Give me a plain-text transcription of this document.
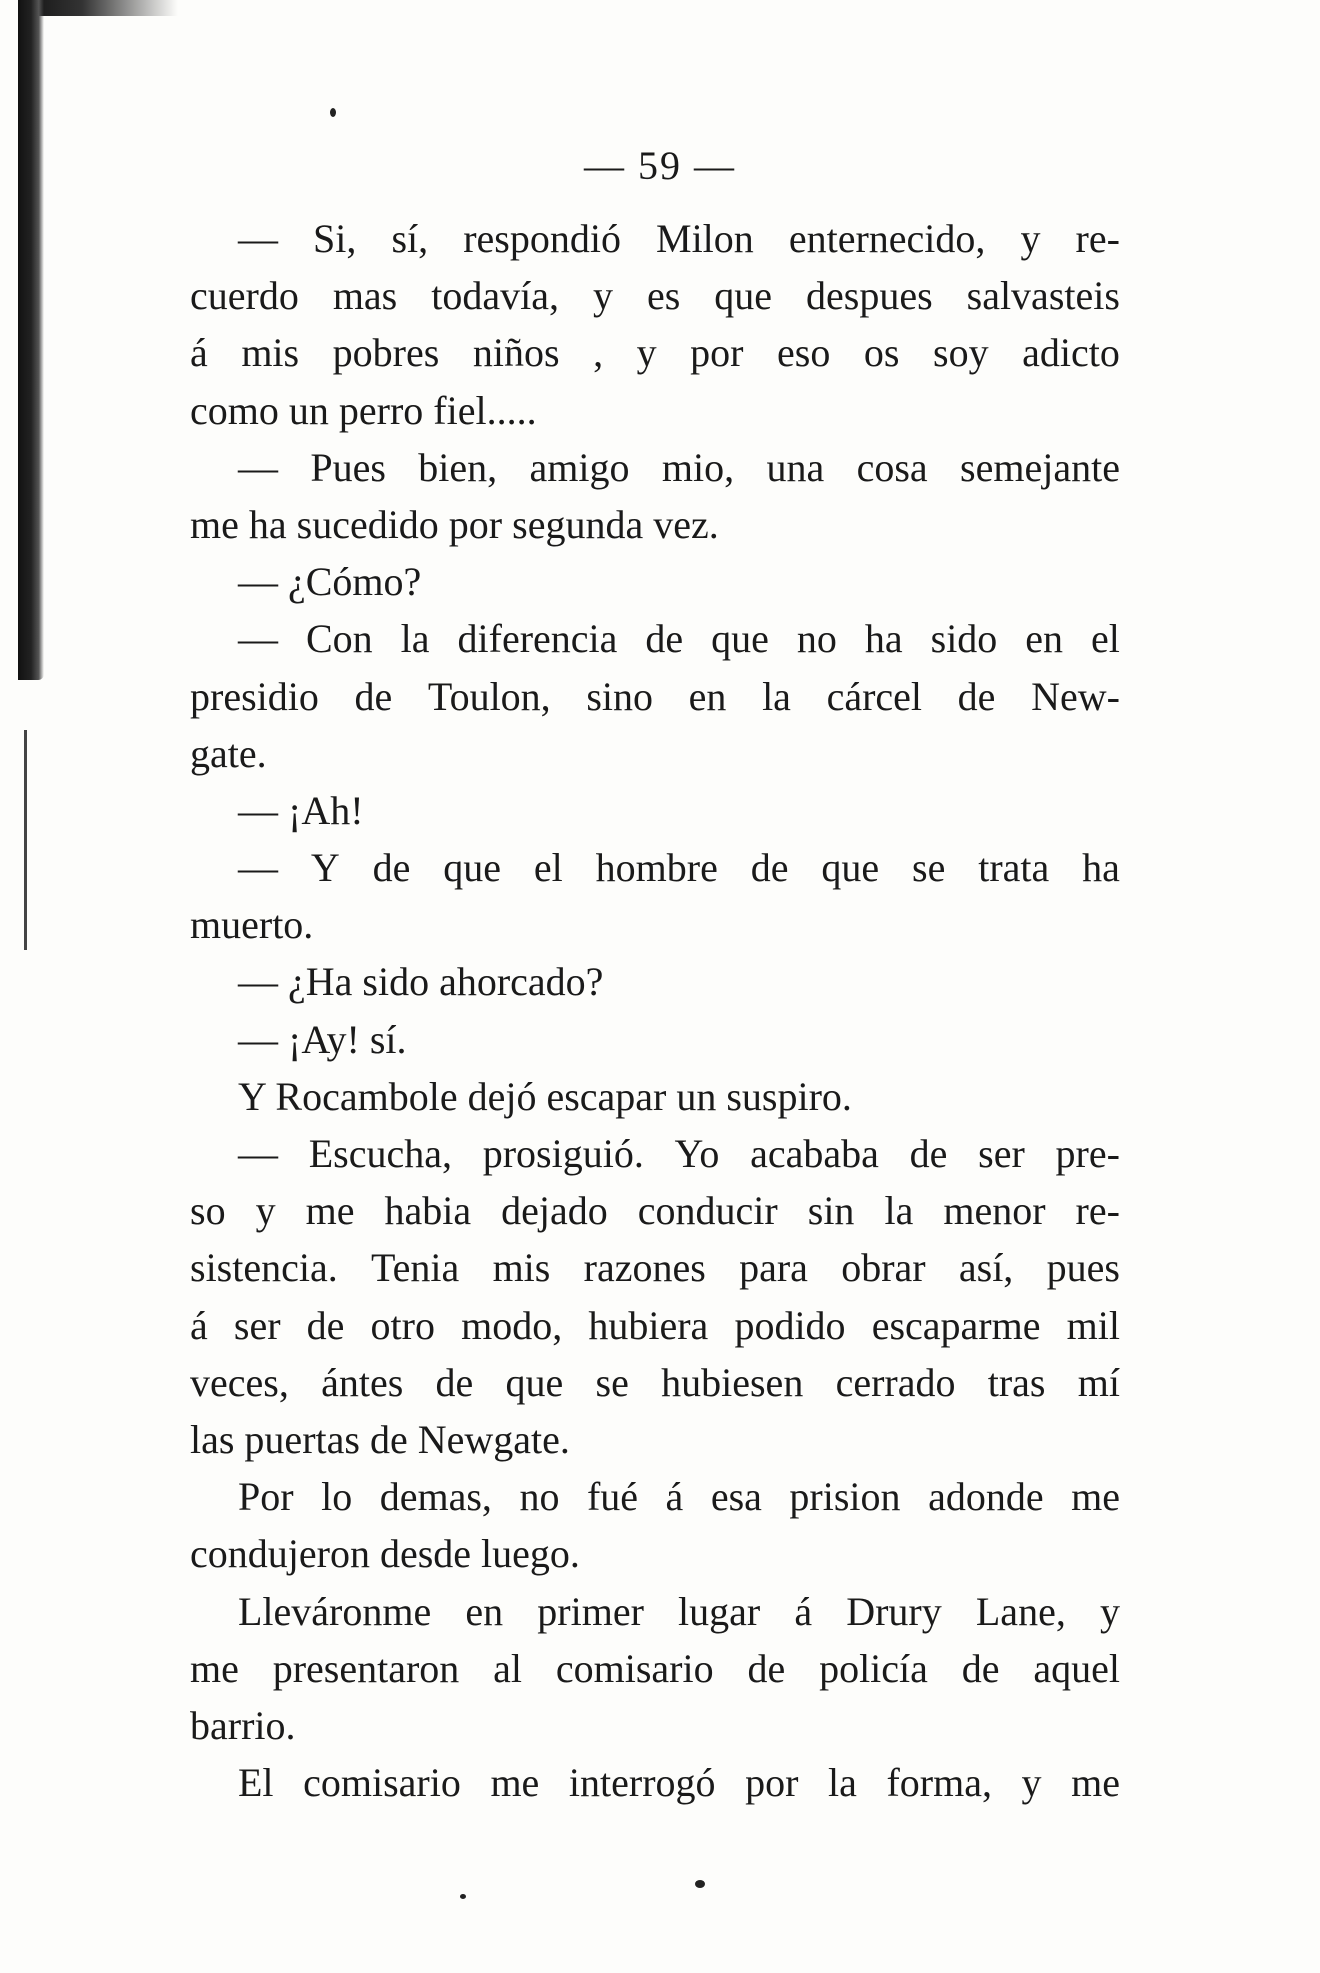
— 59 —
— Si, sí, respondió Milon enternecido, y re-
cuerdo mas todavía, y es que despues salvasteis
á mis pobres niños , y por eso os soy adicto
como un perro fiel.....
— Pues bien, amigo mio, una cosa semejante
me ha sucedido por segunda vez.
— ¿Cómo?
— Con la diferencia de que no ha sido en el
presidio de Toulon, sino en la cárcel de New-
gate.
— ¡Ah!
— Y de que el hombre de que se trata ha
muerto.
— ¿Ha sido ahorcado?
— ¡Ay! sí.
Y Rocambole dejó escapar un suspiro.
— Escucha, prosiguió. Yo acababa de ser pre-
so y me habia dejado conducir sin la menor re-
sistencia. Tenia mis razones para obrar así, pues
á ser de otro modo, hubiera podido escaparme mil
veces, ántes de que se hubiesen cerrado tras mí
las puertas de Newgate.
Por lo demas, no fué á esa prision adonde me
condujeron desde luego.
Lleváronme en primer lugar á Drury Lane, y
me presentaron al comisario de policía de aquel
barrio.
El comisario me interrogó por la forma, y me
